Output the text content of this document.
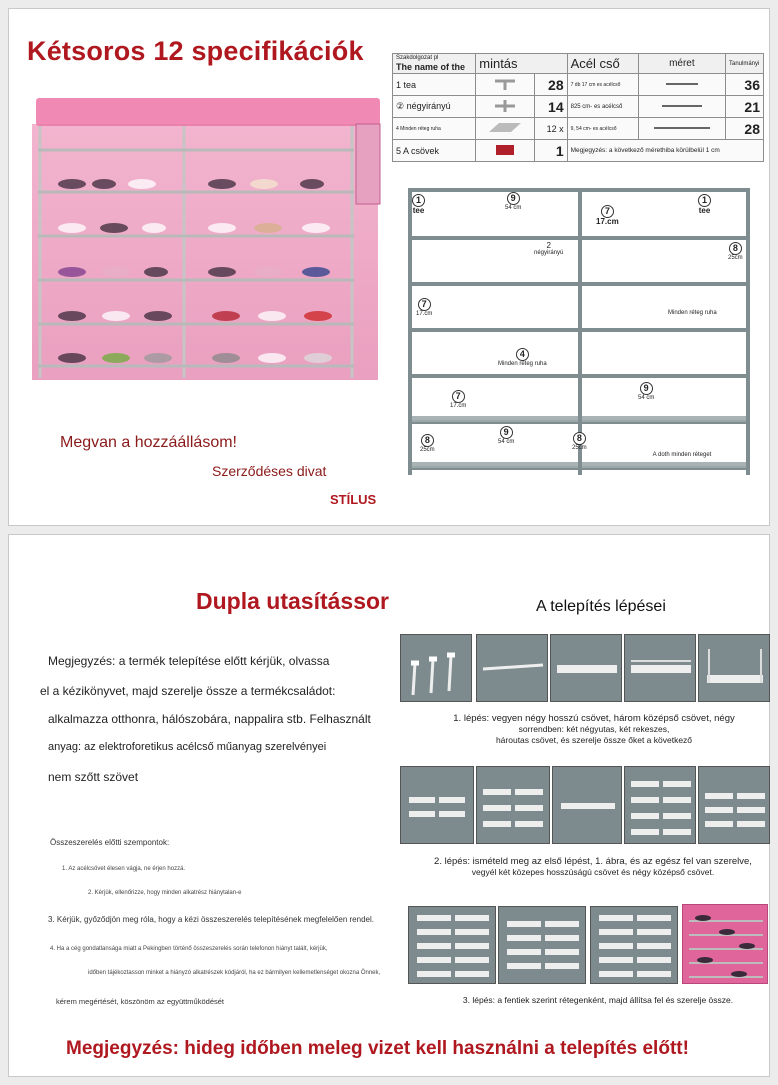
Kétsoros 12 specifikációk
Megvan a hozzáállásom!
Szerződéses divat
STÍLUS
Szakdolgozat pl
The name of the	mintás		Acél cső	méret	Tanulmányi
1 tea		28	7 db 17 cm es acélcső		36
② négyirányú		14	825 cm- es acélcső		21
4 Minden réteg ruha		12 x	9, 54 cm- es acélcső		28
5 A csövek		1	Megjegyzés: a következő mérethiba körülbelül 1 cm		
1
tee
1
tee
9
54 cm	7
17.cm
2
négyirányú	8
25cm
7
17.cm	Minden réteg ruha
4
Minden réteg ruha
7
17.cm
9
54 cm
8
25cm
9
54 cm	8
25cm
A doth minden réteget
Dupla utasítássor	A telepítés lépései
Megjegyzés: a termék telepítése előtt kérjük, olvassa
el a kézikönyvet, majd szerelje össze a termékcsaládot:
alkalmazza otthonra, hálószobára, nappalira stb. Felhasznált
anyag: az elektroforetikus acélcső műanyag szerelvényei
nem szőtt szövet
Összeszerelés előtti szempontok:
1. Az acélcsövet élesen vágja, ne érjen hozzá.
2. Kérjük, ellenőrizze, hogy minden alkatrész hiánytalan-e
3. Kérjük, győződjön meg róla, hogy a kézi összeszerelés telepítésének megfelelően rendel.
4. Ha a cég gondatlansága miatt a Pekingben történő összeszerelés során telefonon hiányt talált, kérjük,
időben tájékoztasson minket a hiányzó alkatrészek kódjáról, ha ez bármilyen kellemetlenséget okozna Önnek,
kérem megértését, köszönöm az együttműködését
1. lépés: vegyen négy hosszú csövet, három középső csövet, négy
sorrendben: két négyutas, két rekeszes,
hároutas csövet, és szerelje össze őket a következő
2. lépés: ismételd meg az első lépést, 1. ábra, és az egész fel van szerelve,
vegyél két közepes hosszúságú csövet és négy középső csövet.
3. lépés: a fentiek szerint rétegenként, majd állítsa fel és szerelje össze.
Megjegyzés: hideg időben meleg vizet kell használni a telepítés előtt!
